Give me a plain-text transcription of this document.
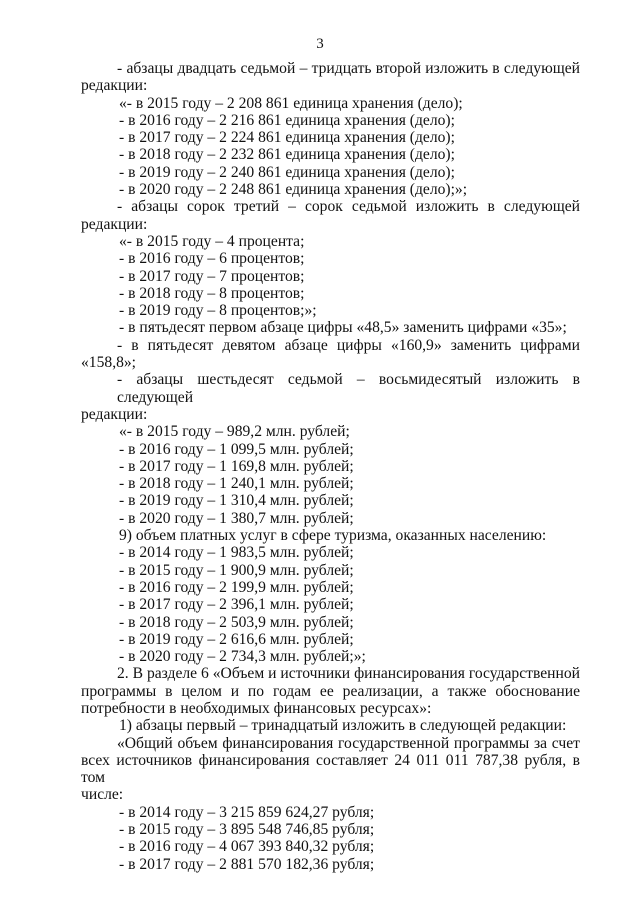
3
- абзацы двадцать седьмой – тридцать второй изложить в следующей
редакции:
«- в 2015 году – 2 208 861 единица хранения (дело);
- в 2016 году – 2 216 861 единица хранения (дело);
- в 2017 году – 2 224 861 единица хранения (дело);
- в 2018 году – 2 232 861 единица хранения (дело);
- в 2019 году – 2 240 861 единица хранения (дело);
- в 2020 году – 2 248 861 единица хранения (дело);»;
- абзацы сорок третий – сорок седьмой изложить в следующей
редакции:
«- в 2015 году – 4 процента;
- в 2016 году – 6 процентов;
- в 2017 году – 7 процентов;
- в 2018 году – 8 процентов;
- в 2019 году – 8 процентов;»;
- в пятьдесят первом абзаце цифры «48,5» заменить цифрами «35»;
- в пятьдесят девятом абзаце цифры «160,9» заменить цифрами
«158,8»;
- абзацы шестьдесят седьмой – восьмидесятый изложить в следующей
редакции:
«- в 2015 году – 989,2 млн. рублей;
- в 2016 году – 1 099,5 млн. рублей;
- в 2017 году – 1 169,8 млн. рублей;
- в 2018 году – 1 240,1 млн. рублей;
- в 2019 году – 1 310,4 млн. рублей;
- в 2020 году – 1 380,7 млн. рублей;
9) объем платных услуг в сфере туризма, оказанных населению:
- в 2014 году – 1 983,5 млн. рублей;
- в 2015 году – 1 900,9 млн. рублей;
- в 2016 году – 2 199,9 млн. рублей;
- в 2017 году – 2 396,1 млн. рублей;
- в 2018 году – 2 503,9 млн. рублей;
- в 2019 году – 2 616,6 млн. рублей;
- в 2020 году – 2 734,3 млн. рублей;»;
2. В разделе 6 «Объем и источники финансирования государственной
программы в целом и по годам ее реализации, а также обоснование
потребности в необходимых финансовых ресурсах»:
1) абзацы первый – тринадцатый изложить в следующей редакции:
«Общий объем финансирования государственной программы за счет
всех источников финансирования составляет 24 011 011 787,38 рубля, в том
числе:
- в 2014 году – 3 215 859 624,27 рубля;
- в 2015 году – 3 895 548 746,85 рубля;
- в 2016 году – 4 067 393 840,32 рубля;
- в 2017 году – 2 881 570 182,36 рубля;
